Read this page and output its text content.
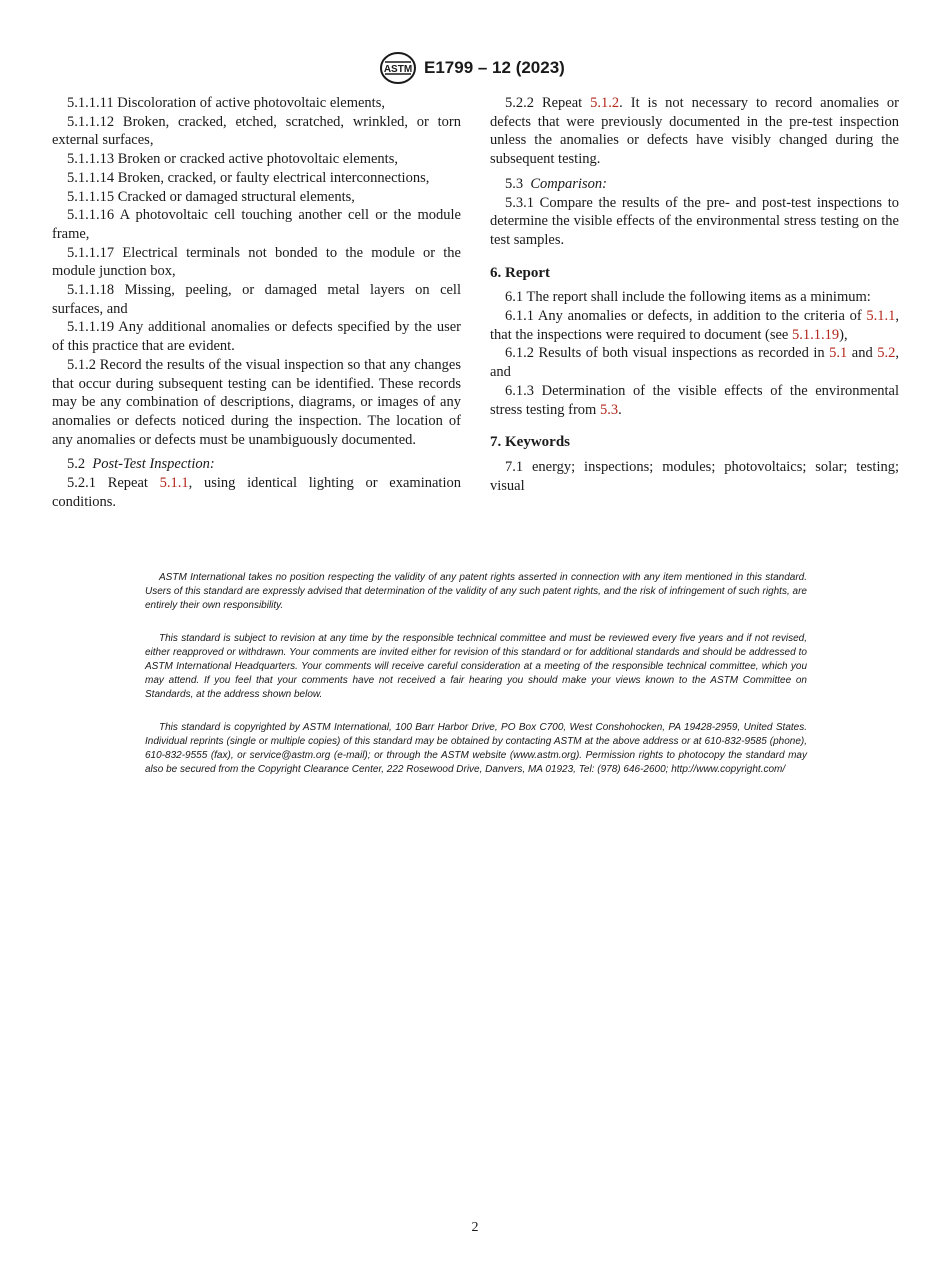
ASTM E1799 – 12 (2023)

5.1.1.11 Discoloration of active photovoltaic elements,

5.1.1.12 Broken, cracked, etched, scratched, wrinkled, or torn external surfaces,

5.1.1.13 Broken or cracked active photovoltaic elements,

5.1.1.14 Broken, cracked, or faulty electrical interconnections,

5.1.1.15 Cracked or damaged structural elements,

5.1.1.16 A photovoltaic cell touching another cell or the module frame,

5.1.1.17 Electrical terminals not bonded to the module or the module junction box,

5.1.1.18 Missing, peeling, or damaged metal layers on cell surfaces, and

5.1.1.19 Any additional anomalies or defects specified by the user of this practice that are evident.

5.1.2 Record the results of the visual inspection so that any changes that occur during subsequent testing can be identified. These records may be any combination of descriptions, diagrams, or images of any anomalies or defects noticed during the inspection. The location of any anomalies or defects must be unambiguously documented.

5.2 Post-Test Inspection:

5.2.1 Repeat 5.1.1, using identical lighting or examination conditions.

5.2.2 Repeat 5.1.2. It is not necessary to record anomalies or defects that were previously documented in the pre-test inspection unless the anomalies or defects have visibly changed during the subsequent testing.

5.3 Comparison:

5.3.1 Compare the results of the pre- and post-test inspections to determine the visible effects of the environmental stress testing on the test samples.

6. Report

6.1 The report shall include the following items as a minimum:

6.1.1 Any anomalies or defects, in addition to the criteria of 5.1.1, that the inspections were required to document (see 5.1.1.19),

6.1.2 Results of both visual inspections as recorded in 5.1 and 5.2, and

6.1.3 Determination of the visible effects of the environmental stress testing from 5.3.

7. Keywords

7.1 energy; inspections; modules; photovoltaics; solar; testing; visual

ASTM International takes no position respecting the validity of any patent rights asserted in connection with any item mentioned in this standard. Users of this standard are expressly advised that determination of the validity of any such patent rights, and the risk of infringement of such rights, are entirely their own responsibility.

This standard is subject to revision at any time by the responsible technical committee and must be reviewed every five years and if not revised, either reapproved or withdrawn. Your comments are invited either for revision of this standard or for additional standards and should be addressed to ASTM International Headquarters. Your comments will receive careful consideration at a meeting of the responsible technical committee, which you may attend. If you feel that your comments have not received a fair hearing you should make your views known to the ASTM Committee on Standards, at the address shown below.

This standard is copyrighted by ASTM International, 100 Barr Harbor Drive, PO Box C700, West Conshohocken, PA 19428-2959, United States. Individual reprints (single or multiple copies) of this standard may be obtained by contacting ASTM at the above address or at 610-832-9585 (phone), 610-832-9555 (fax), or service@astm.org (e-mail); or through the ASTM website (www.astm.org). Permission rights to photocopy the standard may also be secured from the Copyright Clearance Center, 222 Rosewood Drive, Danvers, MA 01923, Tel: (978) 646-2600; http://www.copyright.com/

2
